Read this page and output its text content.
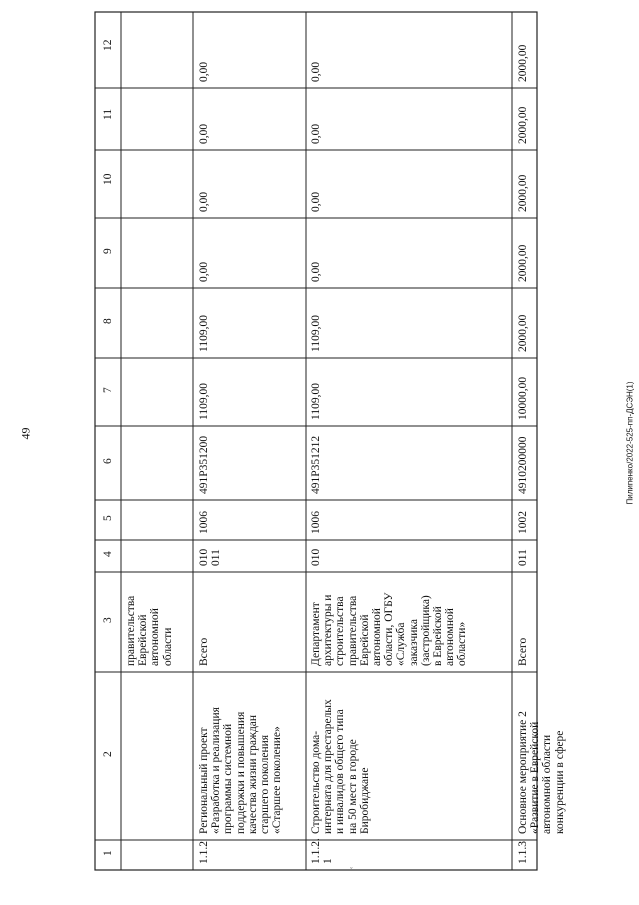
49	Пилипенко/2022-525-пп-ДСЭН(1)
ˇ	ˇ
1
2
3
4
5
6
7
8
9
10
11
12
правительства Еврейской автономной области
1.1.2
Региональный проект «Разработка и реализация программы системной поддержки и повышения качества жизни граждан старшего поколения «Старшее поколение»
Всего
010 011
1006
491P351200
1109,00
1109,00
0,00
0,00
0,00
0,00
1.1.2. 1
Строительство дома- интерната для престарелых и инвалидов общего типа на 50 мест в городе Биробиджане
Департамент архитектуры и строительства правительства Еврейской автономной области, ОГБУ «Служба заказчика (застройщика) в Еврейской автономной области»
010
1006
491P351212
1109,00
1109,00
0,00
0,00
0,00
0,00
1.1.3
Основное мероприятие 2 «Развитие в Еврейской автономной области конкуренции в сфере
Всего
011
1002
4910200000
10000,00
2000,00
2000,00
2000,00
2000,00
2000,00
